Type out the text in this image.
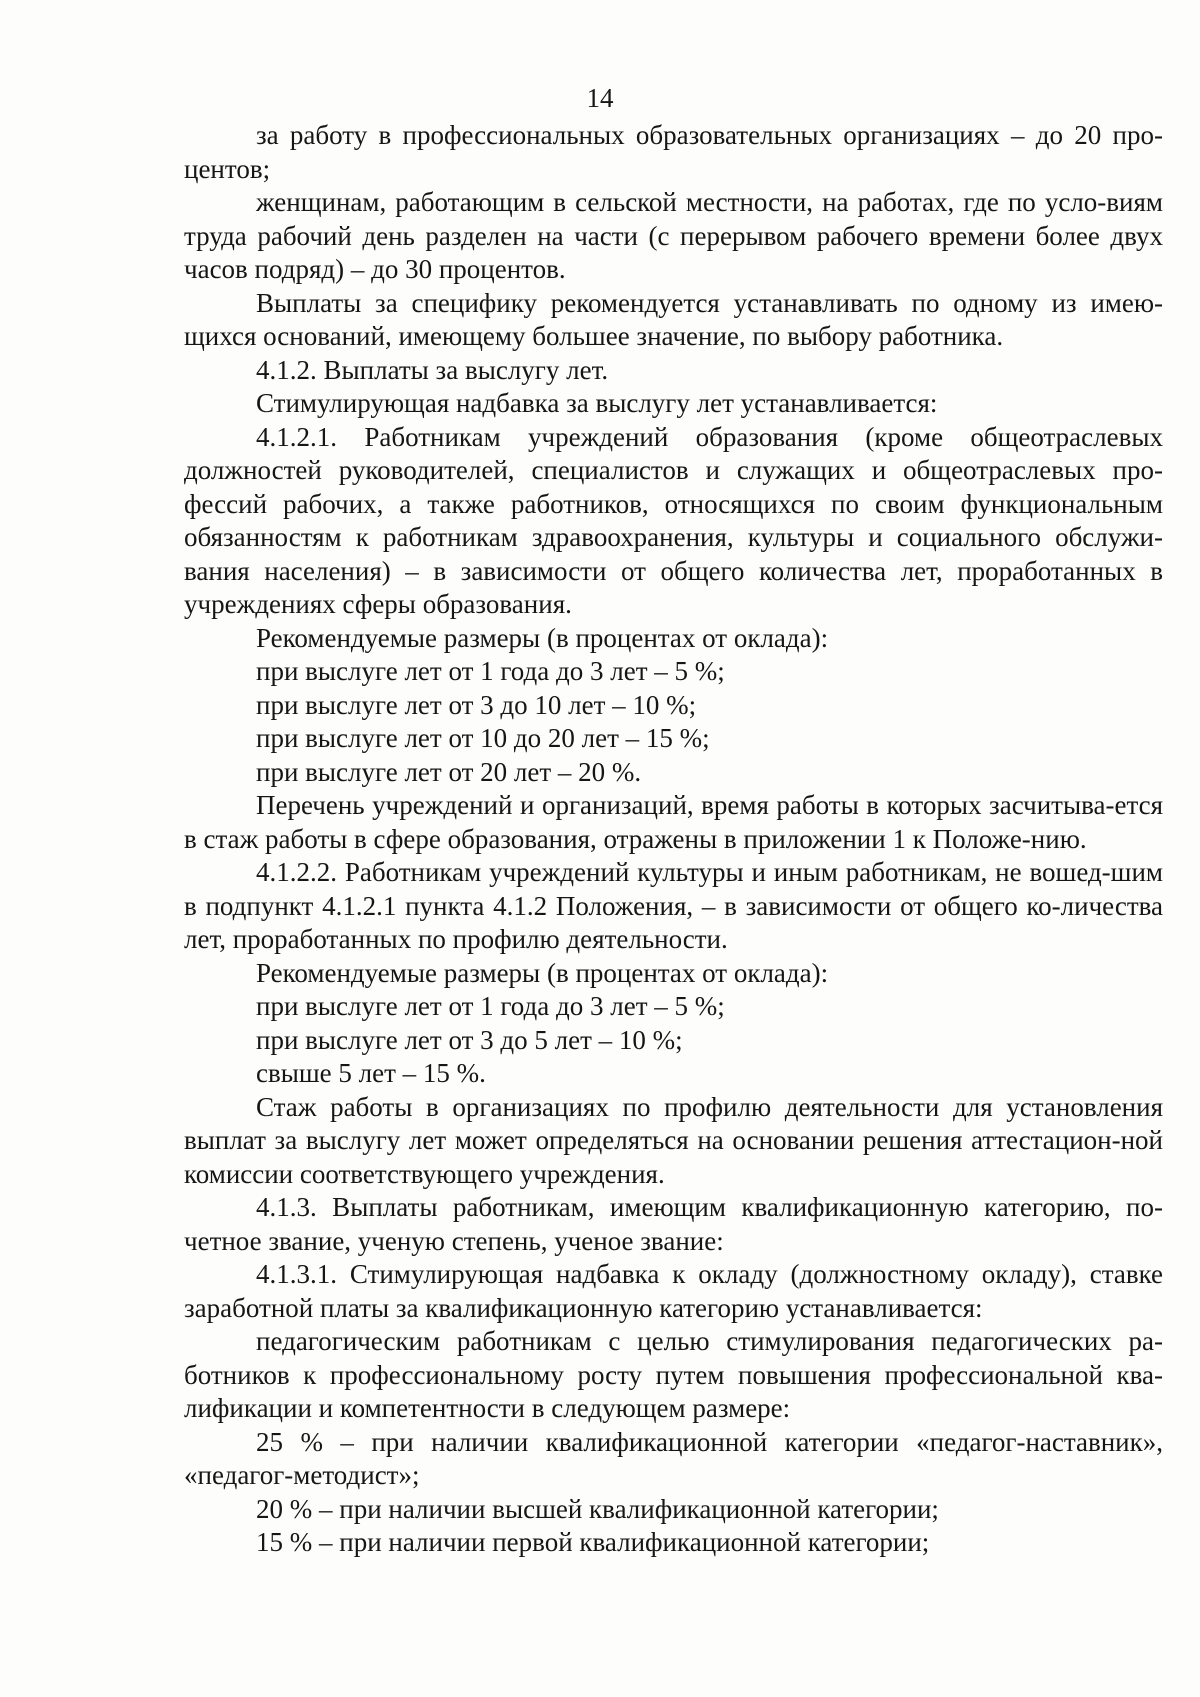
14

за работу в профессиональных образовательных организациях – до 20 про-центов;

женщинам, работающим в сельской местности, на работах, где по усло-виям труда рабочий день разделен на части (с перерывом рабочего времени более двух часов подряд) – до 30 процентов.

Выплаты за специфику рекомендуется устанавливать по одному из имею-щихся оснований, имеющему большее значение, по выбору работника.

4.1.2. Выплаты за выслугу лет.

Стимулирующая надбавка за выслугу лет устанавливается:

4.1.2.1. Работникам учреждений образования (кроме общеотраслевых должностей руководителей, специалистов и служащих и общеотраслевых про-фессий рабочих, а также работников, относящихся по своим функциональным обязанностям к работникам здравоохранения, культуры и социального обслужи-вания населения) – в зависимости от общего количества лет, проработанных в учреждениях сферы образования.

Рекомендуемые размеры (в процентах от оклада):

при выслуге лет от 1 года до 3 лет – 5 %;

при выслуге лет от 3 до 10 лет – 10 %;

при выслуге лет от 10 до 20 лет – 15 %;

при выслуге лет от 20 лет – 20 %.

Перечень учреждений и организаций, время работы в которых засчитыва-ется в стаж работы в сфере образования, отражены в приложении 1 к Положе-нию.

4.1.2.2. Работникам учреждений культуры и иным работникам, не вошед-шим в подпункт 4.1.2.1 пункта 4.1.2 Положения, – в зависимости от общего ко-личества лет, проработанных по профилю деятельности.

Рекомендуемые размеры (в процентах от оклада):

при выслуге лет от 1 года до 3 лет – 5 %;

при выслуге лет от 3 до 5 лет – 10 %;

свыше 5 лет – 15 %.

Стаж работы в организациях по профилю деятельности для установления выплат за выслугу лет может определяться на основании решения аттестацион-ной комиссии соответствующего учреждения.

4.1.3. Выплаты работникам, имеющим квалификационную категорию, по-четное звание, ученую степень, ученое звание:

4.1.3.1. Стимулирующая надбавка к окладу (должностному окладу), ставке заработной платы за квалификационную категорию устанавливается:

педагогическим работникам с целью стимулирования педагогических ра-ботников к профессиональному росту путем повышения профессиональной ква-лификации и компетентности в следующем размере:

25 % – при наличии квалификационной категории «педагог-наставник», «педагог-методист»;

20 % – при наличии высшей квалификационной категории;

15 % – при наличии первой квалификационной категории;
